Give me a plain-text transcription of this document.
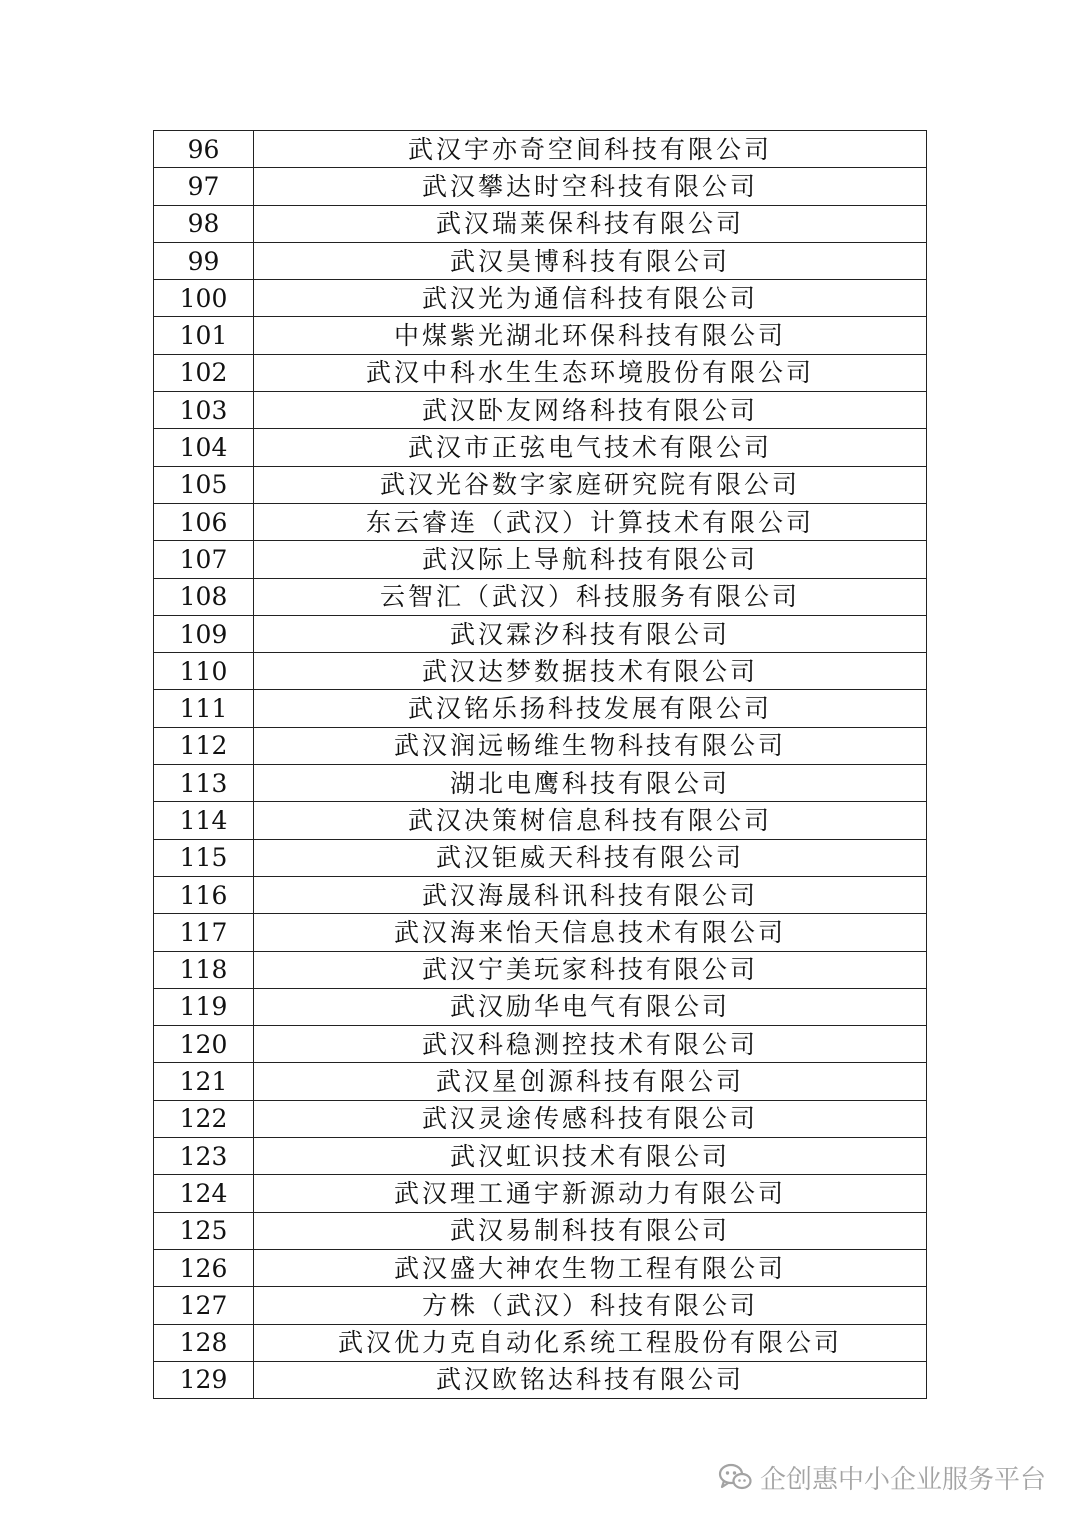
96	武汉宇亦奇空间科技有限公司
97	武汉攀达时空科技有限公司
98	武汉瑞莱保科技有限公司
99	武汉昊博科技有限公司
100	武汉光为通信科技有限公司
101	中煤紫光湖北环保科技有限公司
102	武汉中科水生生态环境股份有限公司
103	武汉卧友网络科技有限公司
104	武汉市正弦电气技术有限公司
105	武汉光谷数字家庭研究院有限公司
106	东云睿连（武汉）计算技术有限公司
107	武汉际上导航科技有限公司
108	云智汇（武汉）科技服务有限公司
109	武汉霖汐科技有限公司
110	武汉达梦数据技术有限公司
111	武汉铭乐扬科技发展有限公司
112	武汉润远畅维生物科技有限公司
113	湖北电鹰科技有限公司
114	武汉决策树信息科技有限公司
115	武汉钜威天科技有限公司
116	武汉海晟科讯科技有限公司
117	武汉海来怡天信息技术有限公司
118	武汉宁美玩家科技有限公司
119	武汉励华电气有限公司
120	武汉科稳测控技术有限公司
121	武汉星创源科技有限公司
122	武汉灵途传感科技有限公司
123	武汉虹识技术有限公司
124	武汉理工通宇新源动力有限公司
125	武汉易制科技有限公司
126	武汉盛大神农生物工程有限公司
127	方株（武汉）科技有限公司
128	武汉优力克自动化系统工程股份有限公司
129	武汉欧铭达科技有限公司
企创惠中小企业服务平台
